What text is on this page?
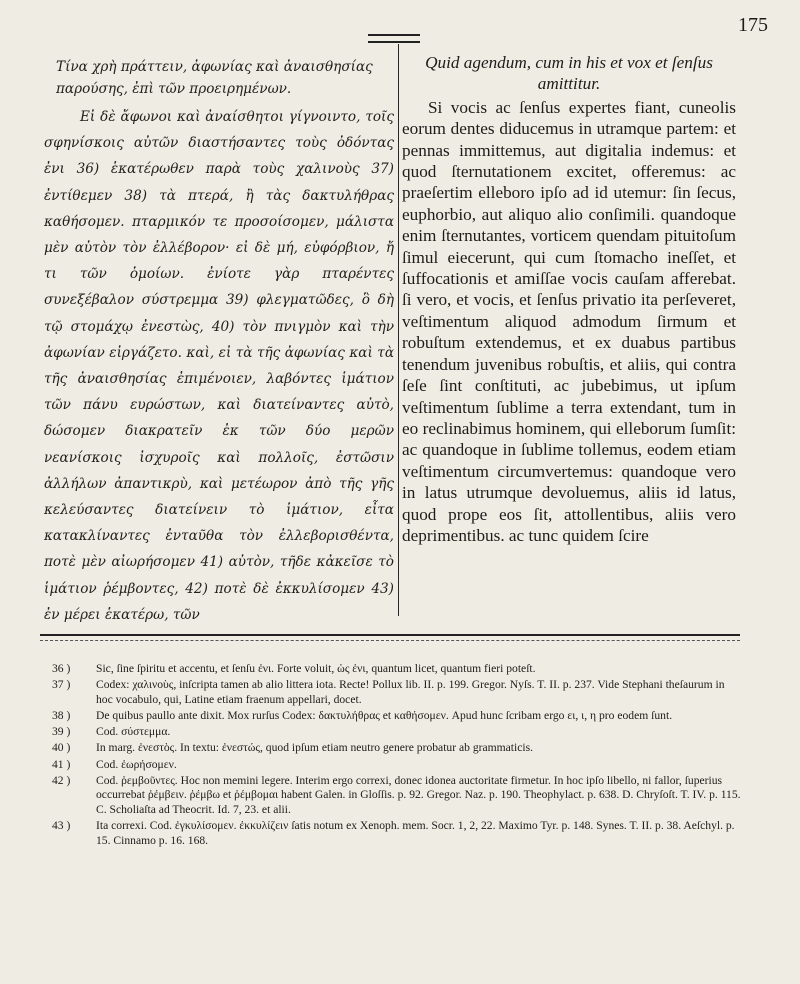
175

Τίνα χρὴ πράττειν, ἀφωνίας καὶ ἀναισθησίας παρούσης, ἐπὶ τῶν προειρημένων.

Εἰ δὲ ἄφωνοι καὶ ἀναίσθητοι γίγνοιντο, τοῖς σφηνίσκοις αὐτῶν διαστήσαντες τοὺς ὀδόντας ἐνι 36) ἑκατέρωθεν παρὰ τοὺς χαλινοὺς 37) ἐντίθεμεν 38) τὰ πτερά, ἢ τὰς δακτυλήθρας καθήσομεν. πταρμικόν τε προσοίσομεν, μάλιστα μὲν αὐτὸν τὸν ἐλλέβορον· εἰ δὲ μή, εὐφόρβιον, ἤ τι τῶν ὁμοίων. ἐνίοτε γὰρ πταρέντες συνεξέβαλον σύστρεμμα 39) φλεγματῶδες, ὃ δὴ τῷ στομάχῳ ἐνεστὼς, 40) τὸν πνιγμὸν καὶ τὴν ἀφωνίαν εἰργάζετο. καὶ, εἰ τὰ τῆς ἀφωνίας καὶ τὰ τῆς ἀναισθησίας ἐπιμένοιεν, λαβόντες ἱμάτιον τῶν πάνυ ευρώστων, καὶ διατείναντες αὐτὸ, δώσομεν διακρατεῖν ἐκ τῶν δύο μερῶν νεανίσκοις ἰσχυροῖς καὶ πολλοῖς, ἐστῶσιν ἀλλήλων ἀπαντικρὺ, καὶ μετέωρον ἀπὸ τῆς γῆς κελεύσαντες διατείνειν τὸ ἱμάτιον, εἶτα κατακλίναντες ἐνταῦθα τὸν ἐλλεβορισθέντα, ποτὲ μὲν αἰωρήσομεν 41) αὐτὸν, τῆδε κἀκεῖσε τὸ ἱμάτιον ῥέμβοντες, 42) ποτὲ δὲ ἐκκυλίσομεν 43) ἐν μέρει ἑκατέρω, τῶν

Quid agendum, cum in his et vox et ſenſus amittitur.

Si vocis ac ſenſus expertes fiant, cuneolis eorum dentes diducemus in utramque partem: et pennas immittemus, aut digitalia indemus: et quod ſternutationem excitet, offeremus: ac praeſertim elleboro ipſo ad id utemur: ſin ſecus, euphorbio, aut aliquo alio conſimili. quandoque enim ſternutantes, vorticem quendam pituitoſum ſimul eiecerunt, qui cum ſtomacho ineſſet, et ſuffocationis et amiſſae vocis cauſam afferebat. ſi vero, et vocis, et ſenſus privatio ita perſeveret, veſtimentum aliquod admodum ſirmum et robuſtum extendemus, et ex duabus partibus tenendum juvenibus robuſtis, et aliis, qui contra ſeſe ſint conſtituti, ac jubebimus, ut ipſum veſtimentum ſublime a terra extendant, tum in eo reclinabimus hominem, qui elleborum ſumſit: ac quandoque in ſublime tollemus, eodem etiam veſtimentum circumvertemus: quandoque vero in latus utrumque devoluemus, aliis id latus, quod prope eos ſit, attollentibus, aliis vero deprimentibus. ac tunc quidem ſcire

36 )	Sic, ſine ſpiritu et accentu, et ſenſu ἐνι. Forte voluit, ὡς ἐνι, quantum licet, quantum fieri poteſt.
37 )	Codex: χαλινοὺς, inſcripta tamen ab alio littera iota. Recte! Pollux lib. II. p. 199. Gregor. Nyſs. T. II. p. 237. Vide Stephani theſaurum in hoc vocabulo, qui, Latine etiam fraenum appellari, docet.
38 )	De quibus paullo ante dixit. Mox rurſus Codex: δακτυλήθρας et καθήσομεν. Apud hunc ſcribam ergo ει, ι, η pro eodem ſunt.
39 )	Cod. σύστεμμα.
40 )	In marg. ἐνεστὸς. In textu: ἐνεστώς, quod ipſum etiam neutro genere probatur ab grammaticis.
41 )	Cod. ἐωρήσομεν.
42 )	Cod. ῥεμβοῦντες. Hoc non memini legere. Interim ergo correxi, donec idonea auctoritate firmetur. In hoc ipſo libello, ni fallor, ſuperius occurrebat ῥέμβειν. ῥέμβω et ῥέμβομαι habent Galen. in Gloſſis. p. 92. Gregor. Naz. p. 190. Theophylact. p. 638. D. Chryſoſt. T. IV. p. 115. C. Scholiaſta ad Theocrit. Id. 7, 23. et alii.
43 )	Ita correxi. Cod. ἐγκυλίσομεν. ἐκκυλίζειν ſatis notum ex Xenoph. mem. Socr. 1, 2, 22. Maximo Tyr. p. 148. Synes. T. II. p. 38. Aeſchyl. p. 15. Cinnamo p. 16. 168.
